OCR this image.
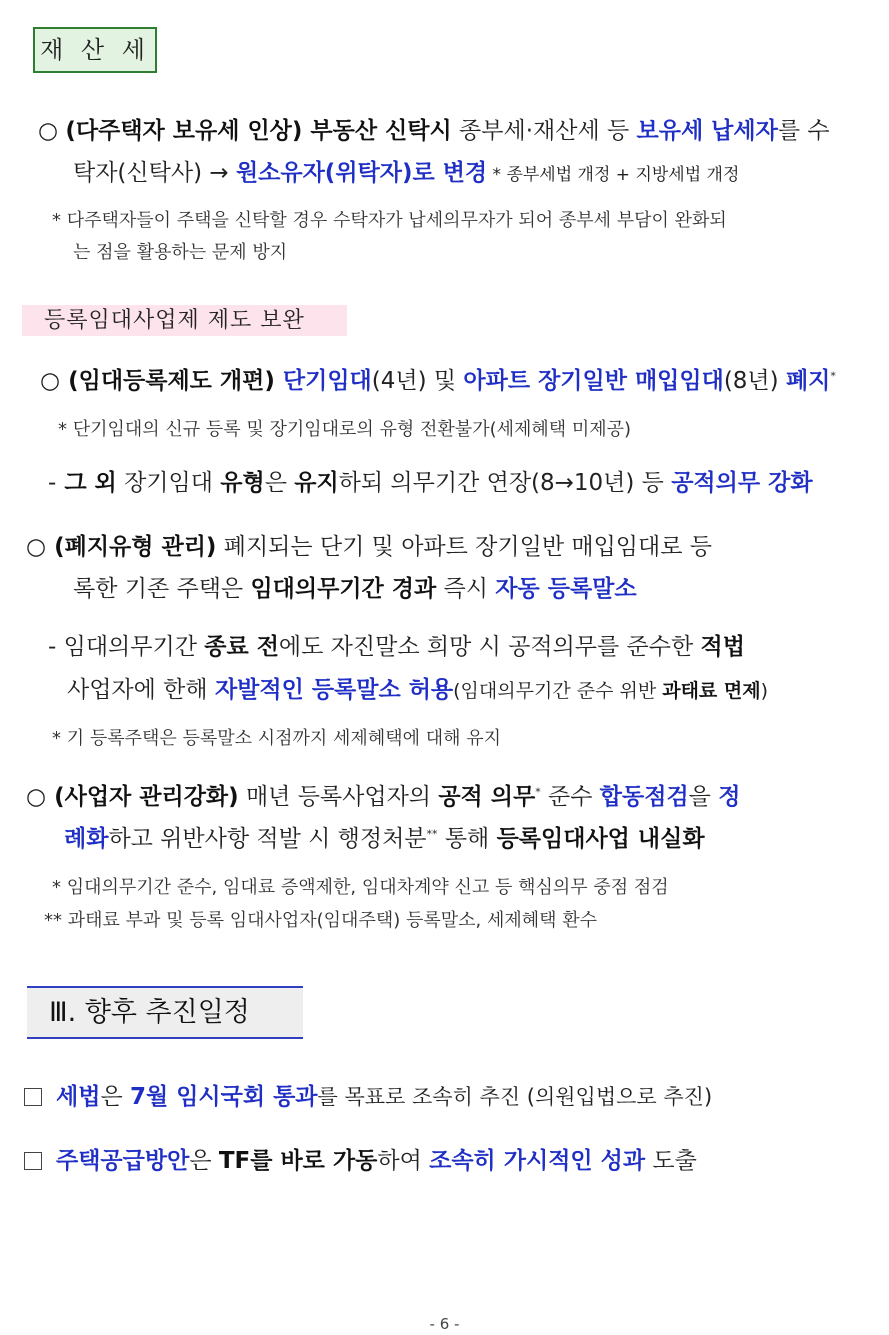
재 산 세
○ (다주택자 보유세 인상) 부동산 신탁시 종부세·재산세 등 보유세 납세자를 수
탁자(신탁사) → 원소유자(위탁자)로 변경 * 종부세법 개정 + 지방세법 개정
* 다주택자들이 주택을 신탁할 경우 수탁자가 납세의무자가 되어 종부세 부담이 완화되
는 점을 활용하는 문제 방지
등록임대사업제 제도 보완
○ (임대등록제도 개편) 단기임대(4년) 및 아파트 장기일반 매입임대(8년) 폐지*
* 단기임대의 신규 등록 및 장기임대로의 유형 전환불가(세제혜택 미제공)
- 그 외 장기임대 유형은 유지하되 의무기간 연장(8→10년) 등 공적의무 강화
○ (폐지유형 관리) 폐지되는 단기 및 아파트 장기일반 매입임대로 등
록한 기존 주택은 임대의무기간 경과 즉시 자동 등록말소
- 임대의무기간 종료 전에도 자진말소 희망 시 공적의무를 준수한 적법
사업자에 한해 자발적인 등록말소 허용(임대의무기간 준수 위반 과태료 면제)
* 기 등록주택은 등록말소 시점까지 세제혜택에 대해 유지
○ (사업자 관리강화) 매년 등록사업자의 공적 의무* 준수 합동점검을 정
례화하고 위반사항 적발 시 행정처분** 통해 등록임대사업 내실화
* 임대의무기간 준수, 임대료 증액제한, 임대차계약 신고 등 핵심의무 중점 점검
** 과태료 부과 및 등록 임대사업자(임대주택) 등록말소, 세제혜택 환수
Ⅲ. 향후 추진일정
세법은 7월 임시국회 통과를 목표로 조속히 추진 (의원입법으로 추진)
주택공급방안은 TF를 바로 가동하여 조속히 가시적인 성과 도출
- 6 -
